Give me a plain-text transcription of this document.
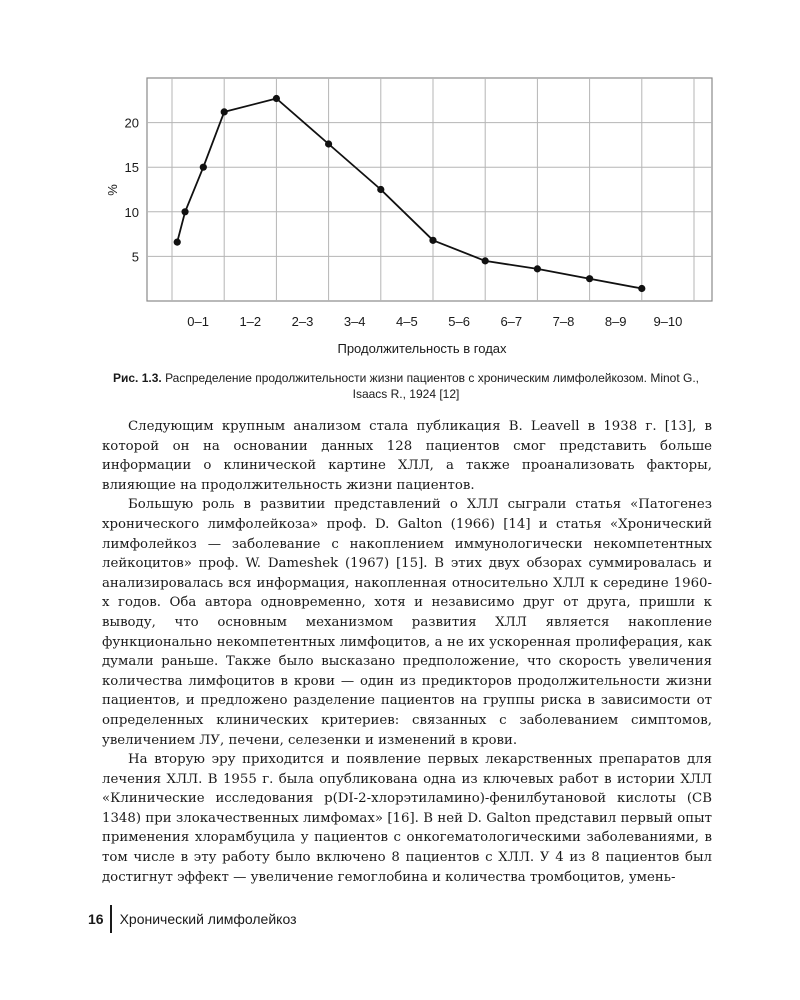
5
10
15
20
0–1 1–2 2–3 3–4 4–5 5–6 6–7 7–8 8–9 9–10
%
Продолжительность в годах
Рис. 1.3. Распределение продолжительности жизни пациентов с хроническим лимфолейкозом. Minot G., Isaacs R., 1924 [12]

Следующим крупным анализом стала публикация B. Leavell в 1938 г. [13], в которой он на основании данных 128 пациентов смог представить больше информации о клинической картине ХЛЛ, а также проанализовать факторы, влияющие на продолжительность жизни пациентов.

Большую роль в развитии представлений о ХЛЛ сыграли статья «Патогенез хронического лимфолейкоза» проф. D. Galton (1966) [14] и статья «Хронический лимфолейкоз — заболевание с накоплением иммунологически некомпетентных лейкоцитов» проф. W. Dameshek (1967) [15]. В этих двух обзорах суммировалась и анализировалась вся информация, накопленная относительно ХЛЛ к середине 1960-х годов. Оба автора одновременно, хотя и независимо друг от друга, пришли к выводу, что основным механизмом развития ХЛЛ является накопление функционально некомпетентных лимфоцитов, а не их ускоренная пролиферация, как думали раньше. Также было высказано предположение, что скорость увеличения количества лимфоцитов в крови — один из предикторов продолжительности жизни пациентов, и предложено разделение пациентов на группы риска в зависимости от определенных клинических критериев: связанных с заболеванием симптомов, увеличением ЛУ, печени, селезенки и изменений в крови.

На вторую эру приходится и появление первых лекарственных препаратов для лечения ХЛЛ. В 1955 г. была опубликована одна из ключевых работ в истории ХЛЛ «Клинические исследования p(DI-2-хлорэтиламино)-фенилбутановой кислоты (CB 1348) при злокачественных лимфомах» [16]. В ней D. Galton представил первый опыт применения хлорамбуцила у пациентов с онкогематологическими заболеваниями, в том числе в эту работу было включено 8 пациентов с ХЛЛ. У 4 из 8 пациентов был достигнут эффект — увеличение гемоглобина и количества тромбоцитов, умень-

16	Хронический лимфолейкоз
